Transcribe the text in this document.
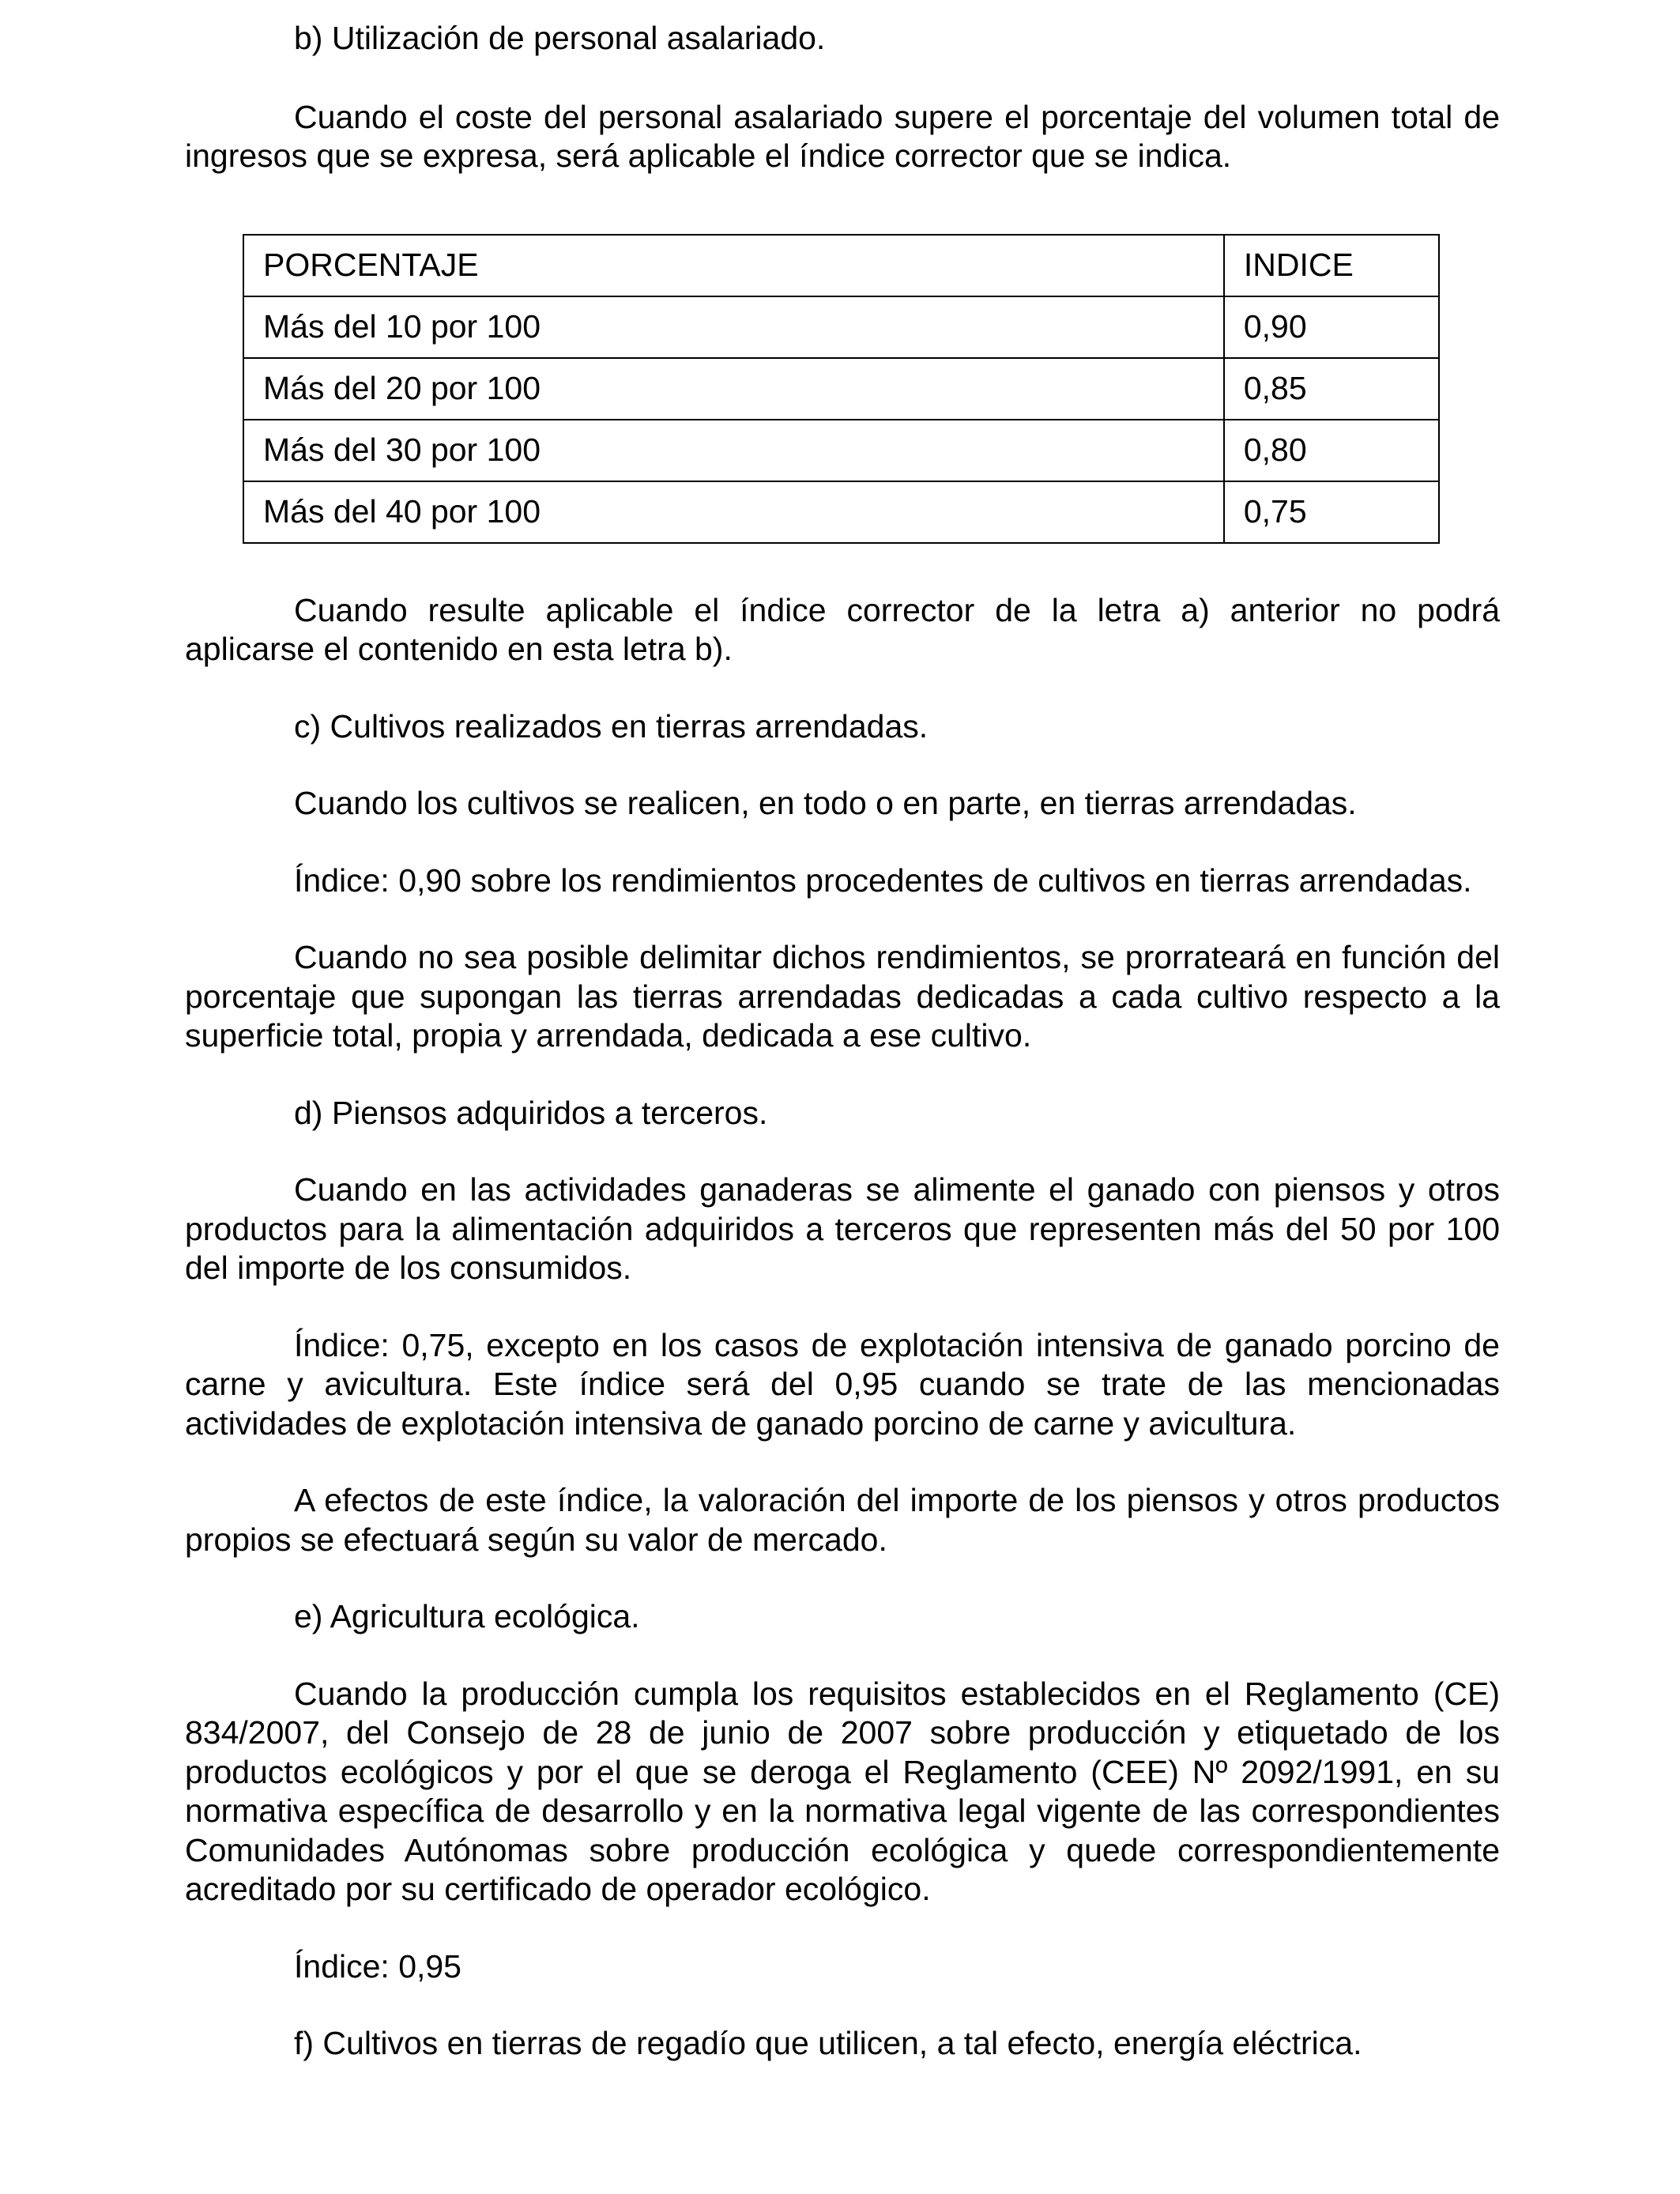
b) Utilización de personal asalariado.

Cuando el coste del personal asalariado supere el porcentaje del volumen total de ingresos que se expresa, será aplicable el índice corrector que se indica.

PORCENTAJE	INDICE
Más del 10 por 100	0,90
Más del 20 por 100	0,85
Más del 30 por 100	0,80
Más del 40 por 100	0,75

Cuando resulte aplicable el índice corrector de la letra a) anterior no podrá aplicarse el contenido en esta letra b).

c) Cultivos realizados en tierras arrendadas.

Cuando los cultivos se realicen, en todo o en parte, en tierras arrendadas.

Índice: 0,90 sobre los rendimientos procedentes de cultivos en tierras arrendadas.

Cuando no sea posible delimitar dichos rendimientos, se prorrateará en función del porcentaje que supongan las tierras arrendadas dedicadas a cada cultivo respecto a la superficie total, propia y arrendada, dedicada a ese cultivo.

d) Piensos adquiridos a terceros.

Cuando en las actividades ganaderas se alimente el ganado con piensos y otros productos para la alimentación adquiridos a terceros que representen más del 50 por 100 del importe de los consumidos.

Índice: 0,75, excepto en los casos de explotación intensiva de ganado porcino de carne y avicultura. Este índice será del 0,95 cuando se trate de las mencionadas actividades de explotación intensiva de ganado porcino de carne y avicultura.

A efectos de este índice, la valoración del importe de los piensos y otros productos propios se efectuará según su valor de mercado.

e) Agricultura ecológica.

Cuando la producción cumpla los requisitos establecidos en el Reglamento (CE) 834/2007, del Consejo de 28 de junio de 2007 sobre producción y etiquetado de los productos ecológicos y por el que se deroga el Reglamento (CEE) Nº 2092/1991, en su normativa específica de desarrollo y en la normativa legal vigente de las correspondientes Comunidades Autónomas sobre producción ecológica y quede correspondientemente acreditado por su certificado de operador ecológico.

Índice: 0,95

f) Cultivos en tierras de regadío que utilicen, a tal efecto, energía eléctrica.
